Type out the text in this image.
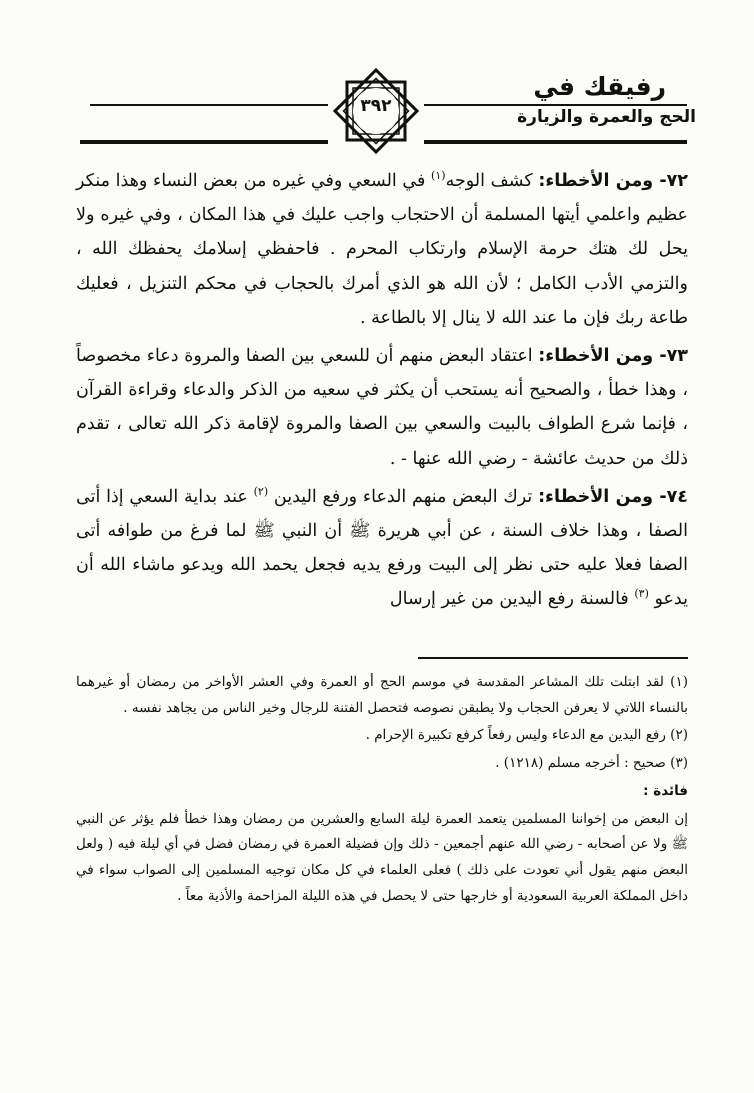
رفيقك في
الحج والعمرة والزيارة
٣٩٢

٧٢- ومن الأخطاء: كشف الوجه$^{(١)}$ في السعي وفي غيره من بعض النساء وهذا منكر عظيم واعلمي أيتها المسلمة أن الاحتجاب واجب عليك في هذا المكان ، وفي غيره ولا يحل لك هتك حرمة الإسلام وارتكاب المحرم . فاحفظي إسلامك يحفظك الله ، والتزمي الأدب الكامل ؛ لأن الله هو الذي أمرك بالحجاب في محكم التنزيل ، فعليك طاعة ربك فإن ما عند الله لا ينال إلا بالطاعة .

٧٣- ومن الأخطاء: اعتقاد البعض منهم أن للسعي بين الصفا والمروة دعاء مخصوصاً ، وهذا خطأ ، والصحيح أنه يستحب أن يكثر في سعيه من الذكر والدعاء وقراءة القرآن ، فإنما شرع الطواف بالبيت والسعي بين الصفا والمروة لإقامة ذكر الله تعالى ، تقدم ذلك من حديث عائشة - رضي الله عنها - .

٧٤- ومن الأخطاء: ترك البعض منهم الدعاء ورفع اليدين $^{(٢)}$ عند بداية السعي إذا أتى الصفا ، وهذا خلاف السنة ، عن أبي هريرة ﷺ أن النبي ﷺ لما فرغ من طوافه أتى الصفا فعلا عليه حتى نظر إلى البيت ورفع يديه فجعل يحمد الله ويدعو ماشاء الله أن يدعو $^{(٣)}$ فالسنة رفع اليدين من غير إرسال

(١) لقد ابتلت تلك المشاعر المقدسة في موسم الحج أو العمرة وفي العشر الأواخر من رمضان أو غيرهما بالنساء اللاتي لا يعرفن الحجاب ولا يطبقن نصوصه فتحصل الفتنة للرجال وخير الناس من يجاهد نفسه .

(٢) رفع اليدين مع الدعاء وليس رفعاً كرفع تكبيرة الإحرام .

(٣) صحيح : أخرجه مسلم (١٢١٨) .

فائدة :

إن البعض من إخواننا المسلمين يتعمد العمرة ليلة السابع والعشرين من رمضان وهذا خطأ فلم يؤثر عن النبي ﷺ ولا عن أصحابه - رضي الله عنهم أجمعين - ذلك وإن فضيلة العمرة في رمضان فضل في أي ليلة فيه ( ولعل البعض منهم يقول أني تعودت على ذلك ) فعلى العلماء في كل مكان توجيه المسلمين إلى الصواب سواء في داخل المملكة العربية السعودية أو خارجها حتى لا يحصل في هذه الليلة المزاحمة والأذية معاً .
